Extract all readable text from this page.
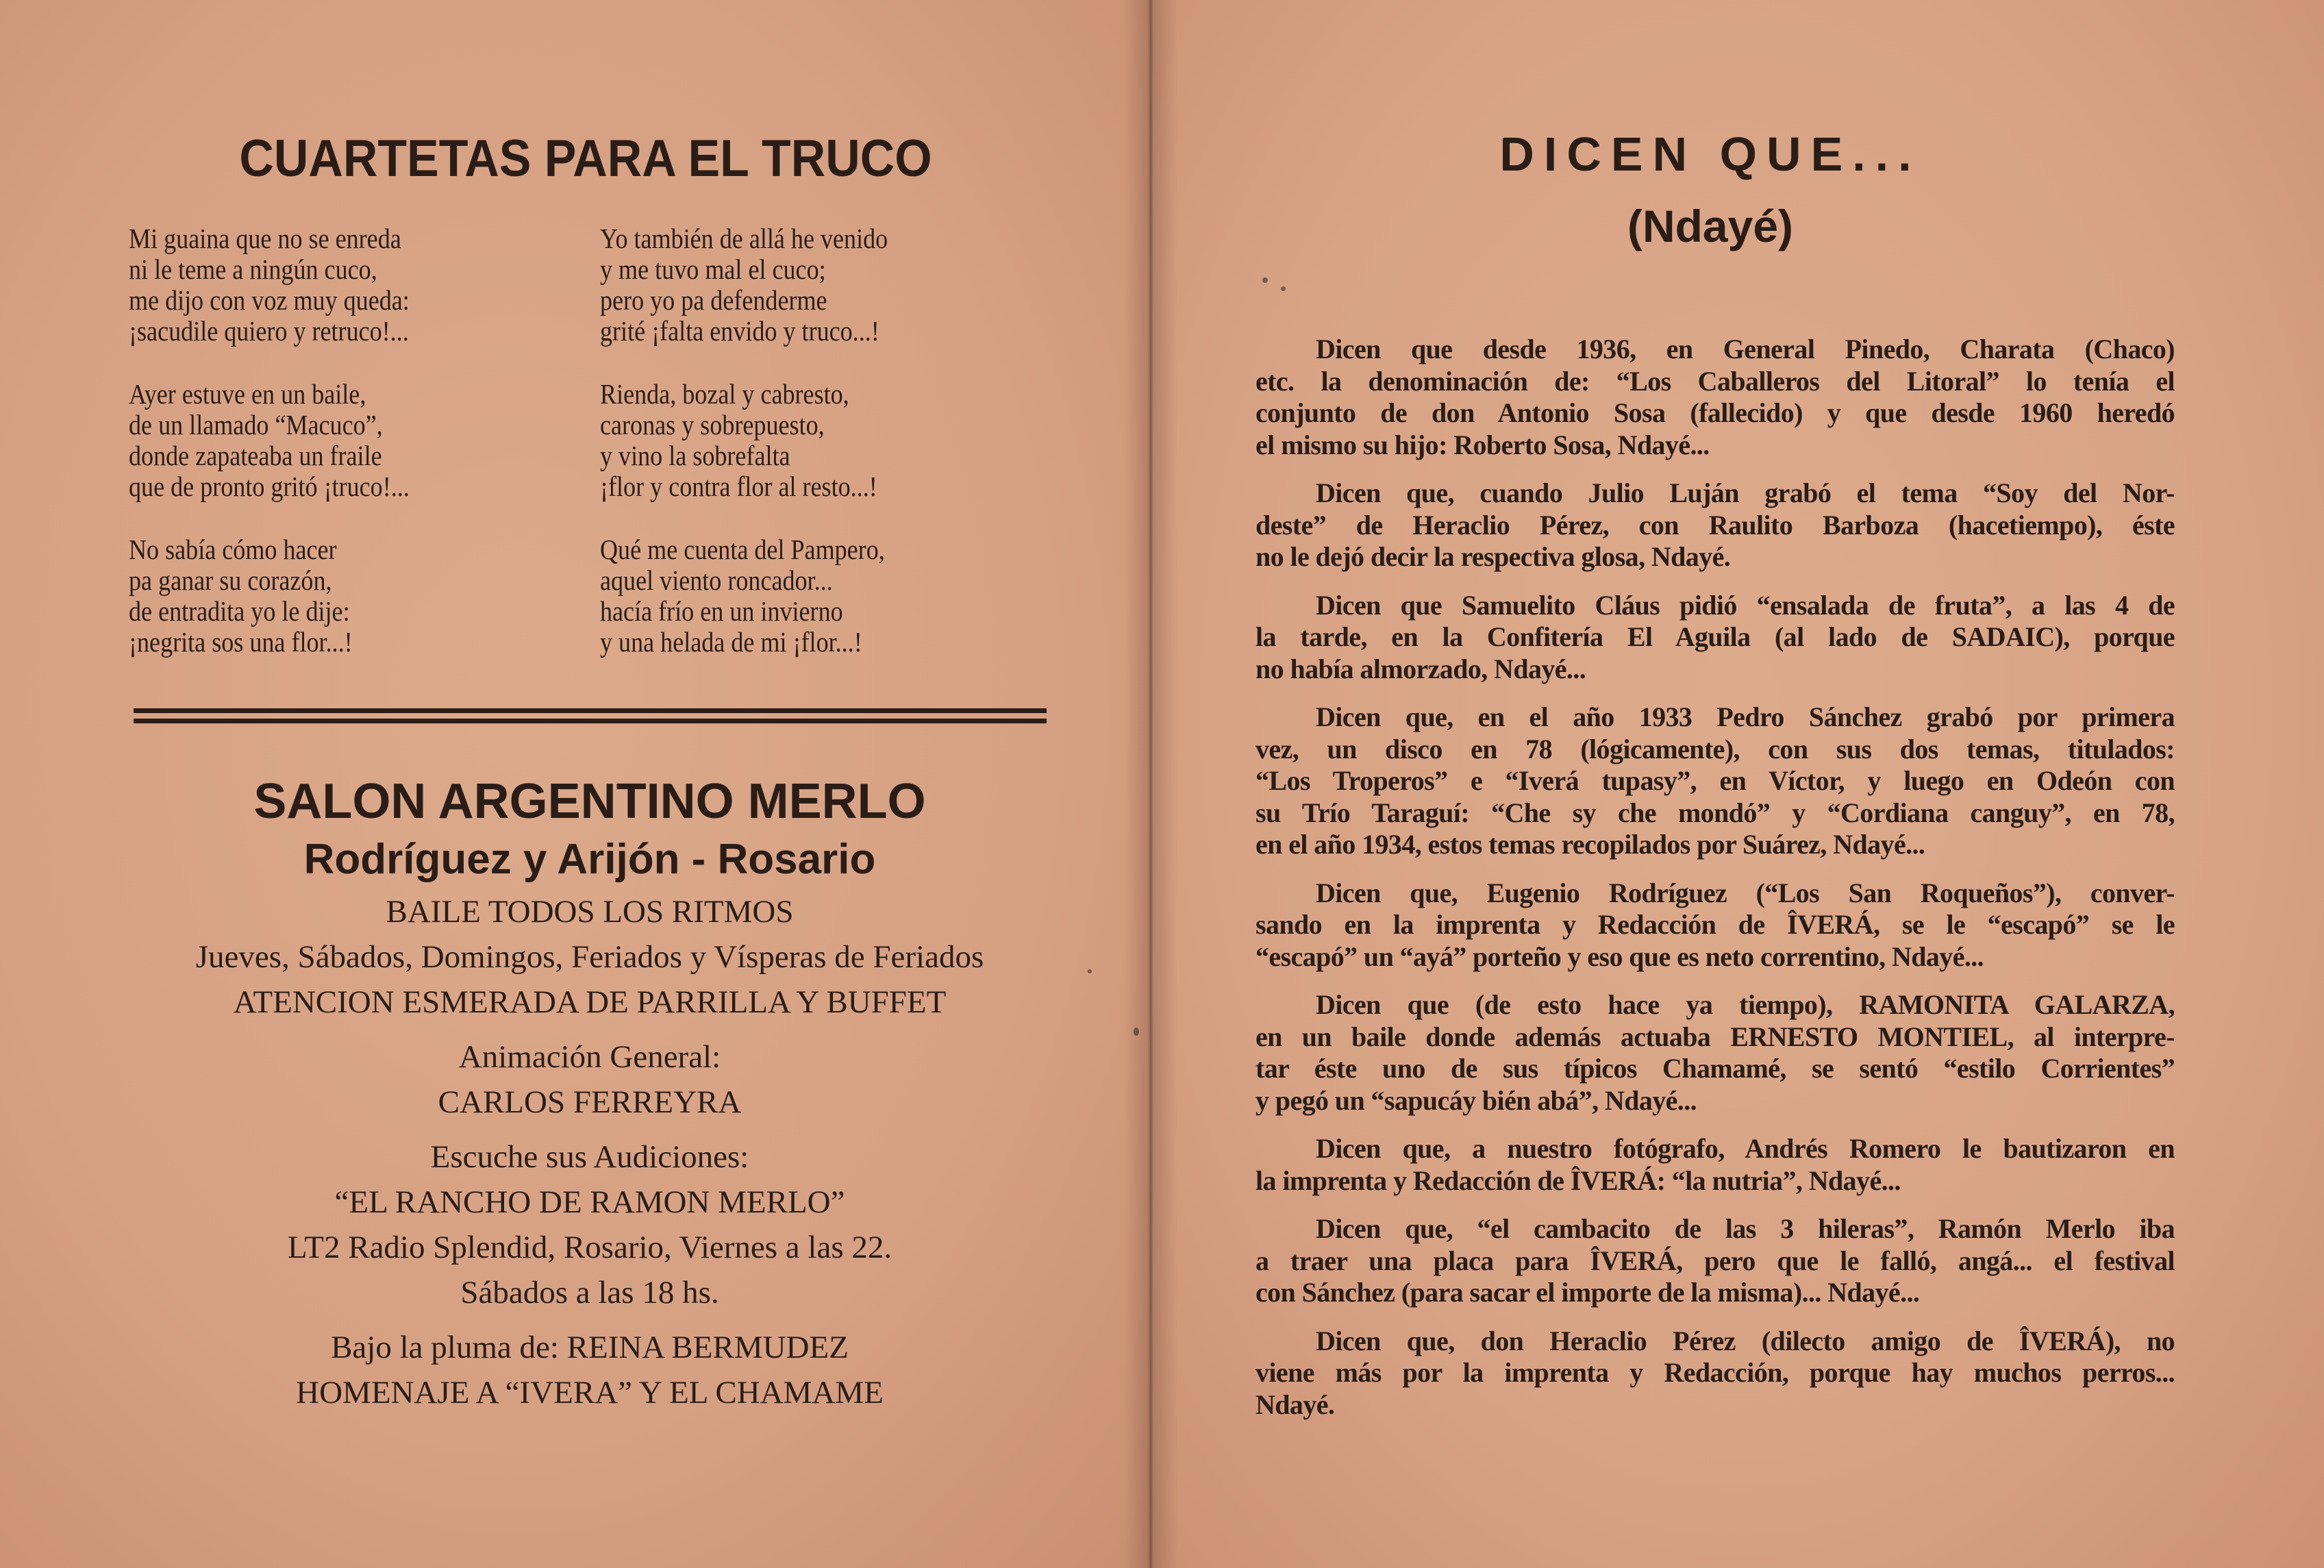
CUARTETAS PARA EL TRUCO
Mi guaina que no se enreda
ni le teme a ningún cuco,
me dijo con voz muy queda:
¡sacudile quiero y retruco!...
Ayer estuve en un baile,
de un llamado “Macuco”,
donde zapateaba un fraile
que de pronto gritó ¡truco!...
No sabía cómo hacer
pa ganar su corazón,
de entradita yo le dije:
¡negrita sos una flor...!
Yo también de allá he venido
y me tuvo mal el cuco;
pero yo pa defenderme
grité ¡falta envido y truco...!
Rienda, bozal y cabresto,
caronas y sobrepuesto,
y vino la sobrefalta
¡flor y contra flor al resto...!
Qué me cuenta del Pampero,
aquel viento roncador...
hacía frío en un invierno
y una helada de mi ¡flor...!
SALON ARGENTINO MERLO
Rodríguez y Arijón - Rosario
BAILE TODOS LOS RITMOS
Jueves, Sábados, Domingos, Feriados y Vísperas de Feriados
ATENCION ESMERADA DE PARRILLA Y BUFFET
Animación General:
CARLOS FERREYRA
Escuche sus Audiciones:
“EL RANCHO DE RAMON MERLO”
LT2 Radio Splendid, Rosario, Viernes a las 22.
Sábados a las 18 hs.
Bajo la pluma de: REINA BERMUDEZ
HOMENAJE A “IVERA” Y EL CHAMAME
DICEN QUE...
(Ndayé)
Dicen que desde 1936, en General Pinedo, Charata (Chaco)
etc. la denominación de: “Los Caballeros del Litoral” lo tenía el
conjunto de don Antonio Sosa (fallecido) y que desde 1960 heredó
el mismo su hijo: Roberto Sosa, Ndayé...
Dicen que, cuando Julio Luján grabó el tema “Soy del Nor-
deste” de Heraclio Pérez, con Raulito Barboza (hacetiempo), éste
no le dejó decir la respectiva glosa, Ndayé.
Dicen que Samuelito Cláus pidió “ensalada de fruta”, a las 4 de
la tarde, en la Confitería El Aguila (al lado de SADAIC), porque
no había almorzado, Ndayé...
Dicen que, en el año 1933 Pedro Sánchez grabó por primera
vez, un disco en 78 (lógicamente), con sus dos temas, titulados:
“Los Troperos” e “Iverá tupasy”, en Víctor, y luego en Odeón con
su Trío Taraguí: “Che sy che mondó” y “Cordiana canguy”, en 78,
en el año 1934, estos temas recopilados por Suárez, Ndayé...
Dicen que, Eugenio Rodríguez (“Los San Roqueños”), conver-
sando en la imprenta y Redacción de ÎVERÁ, se le “escapó” se le
“escapó” un “ayá” porteño y eso que es neto correntino, Ndayé...
Dicen que (de esto hace ya tiempo), RAMONITA GALARZA,
en un baile donde además actuaba ERNESTO MONTIEL, al interpre-
tar éste uno de sus típicos Chamamé, se sentó “estilo Corrientes”
y pegó un “sapucáy bién abá”, Ndayé...
Dicen que, a nuestro fotógrafo, Andrés Romero le bautizaron en
la imprenta y Redacción de ÎVERÁ: “la nutria”, Ndayé...
Dicen que, “el cambacito de las 3 hileras”, Ramón Merlo iba
a traer una placa para ÎVERÁ, pero que le falló, angá... el festival
con Sánchez (para sacar el importe de la misma)... Ndayé...
Dicen que, don Heraclio Pérez (dilecto amigo de ÎVERÁ), no
viene más por la imprenta y Redacción, porque hay muchos perros...
Ndayé.
